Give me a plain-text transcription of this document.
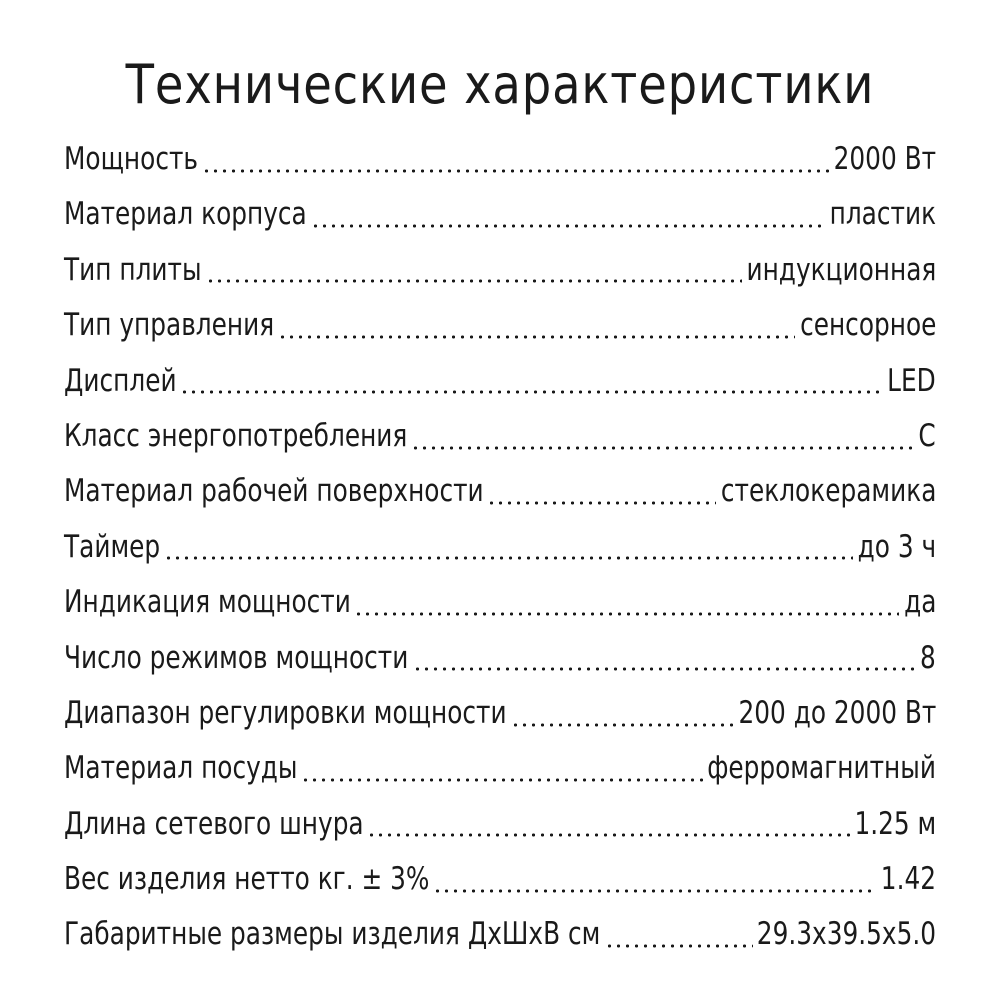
Технические характеристики
Мощность	2000 Вт
Материал корпуса	пластик
Тип плиты	индукционная
Тип управления	сенсорное
Дисплей	LED
Класс энергопотребления	С
Материал рабочей поверхности	стеклокерамика
Таймер	до 3 ч
Индикация мощности	да
Число режимов мощности	8
Диапазон регулировки мощности	200 до 2000 Вт
Материал посуды	ферромагнитный
Длина сетевого шнура	1.25 м
Вес изделия нетто кг. ± 3%	1.42
Габаритные размеры изделия ДхШхВ см	29.3х39.5х5.0
